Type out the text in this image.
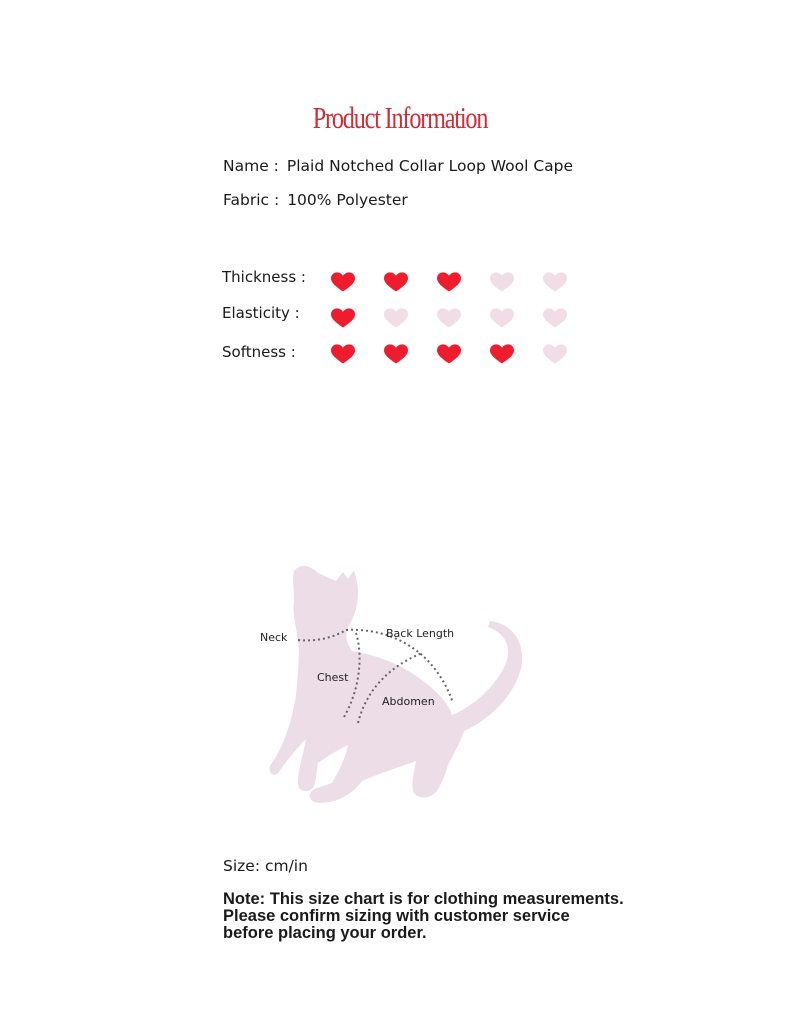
Product Information
Name : Plaid Notched Collar Loop Wool Cape
Fabric : 100% Polyester
Thickness :
Elasticity :
Softness :
Neck	Back Length
Chest
Abdomen
Size: cm/in
Note: This size chart is for clothing measurements.
Please confirm sizing with customer service
before placing your order.
